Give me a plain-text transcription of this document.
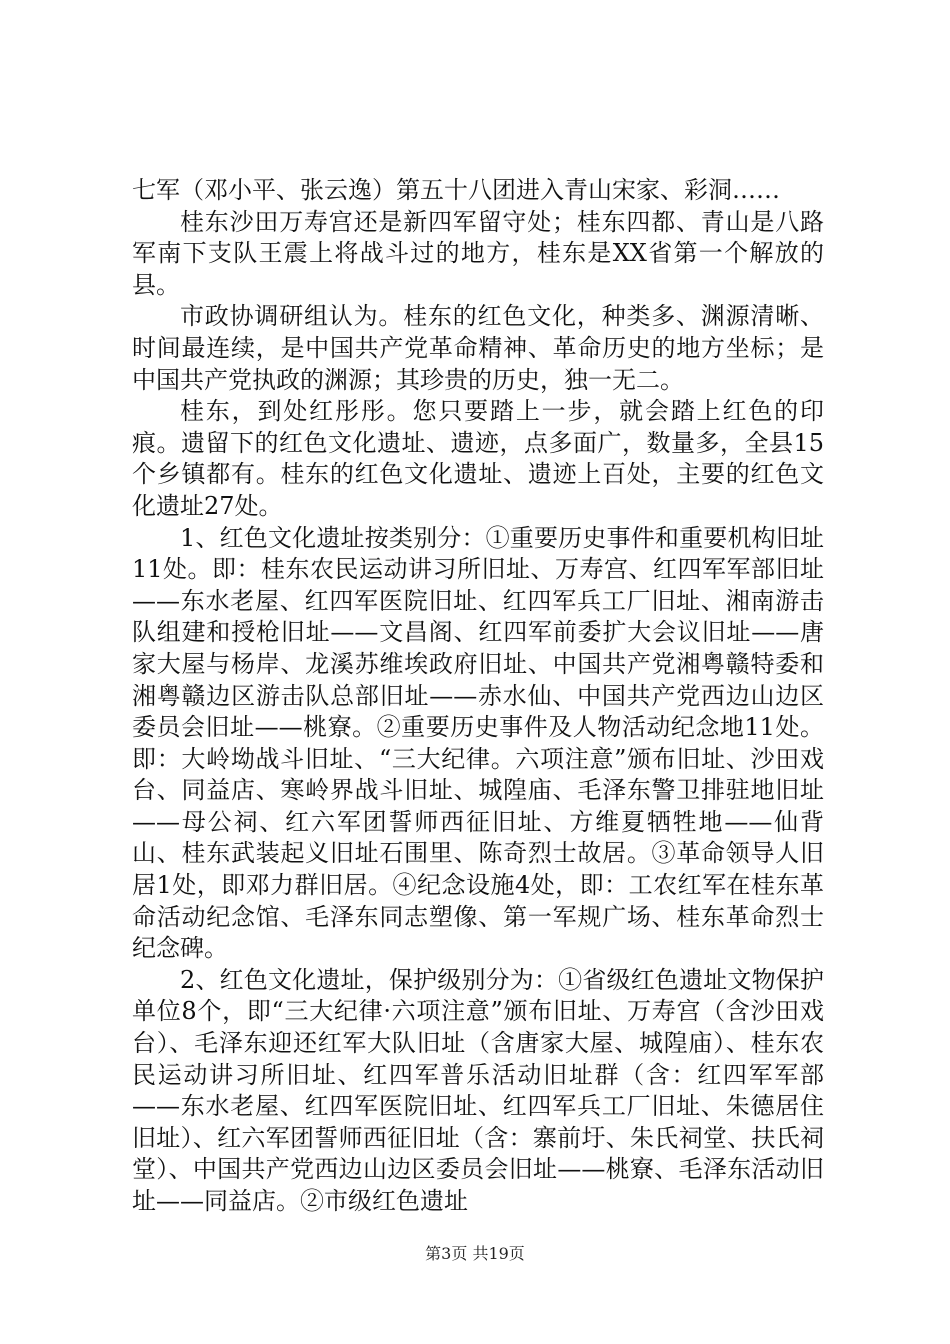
七军（邓小平、张云逸）第五十八团进入青山宋家、彩洞……

桂东沙田万寿宫还是新四军留守处；桂东四都、青山是八路军南下支队王震上将战斗过的地方，桂东是XX省第一个解放的县。

市政协调研组认为。桂东的红色文化，种类多、渊源清晰、时间最连续，是中国共产党革命精神、革命历史的地方坐标；是中国共产党执政的渊源；其珍贵的历史，独一无二。

桂东，到处红彤彤。您只要踏上一步，就会踏上红色的印痕。遗留下的红色文化遗址、遗迹，点多面广，数量多，全县15个乡镇都有。桂东的红色文化遗址、遗迹上百处，主要的红色文化遗址27处。

1、红色文化遗址按类别分：①重要历史事件和重要机构旧址11处。即：桂东农民运动讲习所旧址、万寿宫、红四军军部旧址——东水老屋、红四军医院旧址、红四军兵工厂旧址、湘南游击队组建和授枪旧址——文昌阁、红四军前委扩大会议旧址——唐家大屋与杨岸、龙溪苏维埃政府旧址、中国共产党湘粤赣特委和湘粤赣边区游击队总部旧址——赤水仙、中国共产党西边山边区委员会旧址——桃寮。②重要历史事件及人物活动纪念地11处。即：大岭坳战斗旧址、“三大纪律。六项注意”颁布旧址、沙田戏台、同益店、寒岭界战斗旧址、城隍庙、毛泽东警卫排驻地旧址——母公祠、红六军团誓师西征旧址、方维夏牺牲地——仙背山、桂东武装起义旧址石围里、陈奇烈士故居。③革命领导人旧居1处，即邓力群旧居。④纪念设施4处，即：工农红军在桂东革命活动纪念馆、毛泽东同志塑像、第一军规广场、桂东革命烈士纪念碑。

2、红色文化遗址，保护级别分为：①省级红色遗址文物保护单位8个，即“三大纪律·六项注意”颁布旧址、万寿宫（含沙田戏台）、毛泽东迎还红军大队旧址（含唐家大屋、城隍庙）、桂东农民运动讲习所旧址、红四军普乐活动旧址群（含：红四军军部——东水老屋、红四军医院旧址、红四军兵工厂旧址、朱德居住旧址）、红六军团誓师西征旧址（含：寨前圩、朱氏祠堂、扶氏祠堂）、中国共产党西边山边区委员会旧址——桃寮、毛泽东活动旧址——同益店。②市级红色遗址

第3页 共19页
